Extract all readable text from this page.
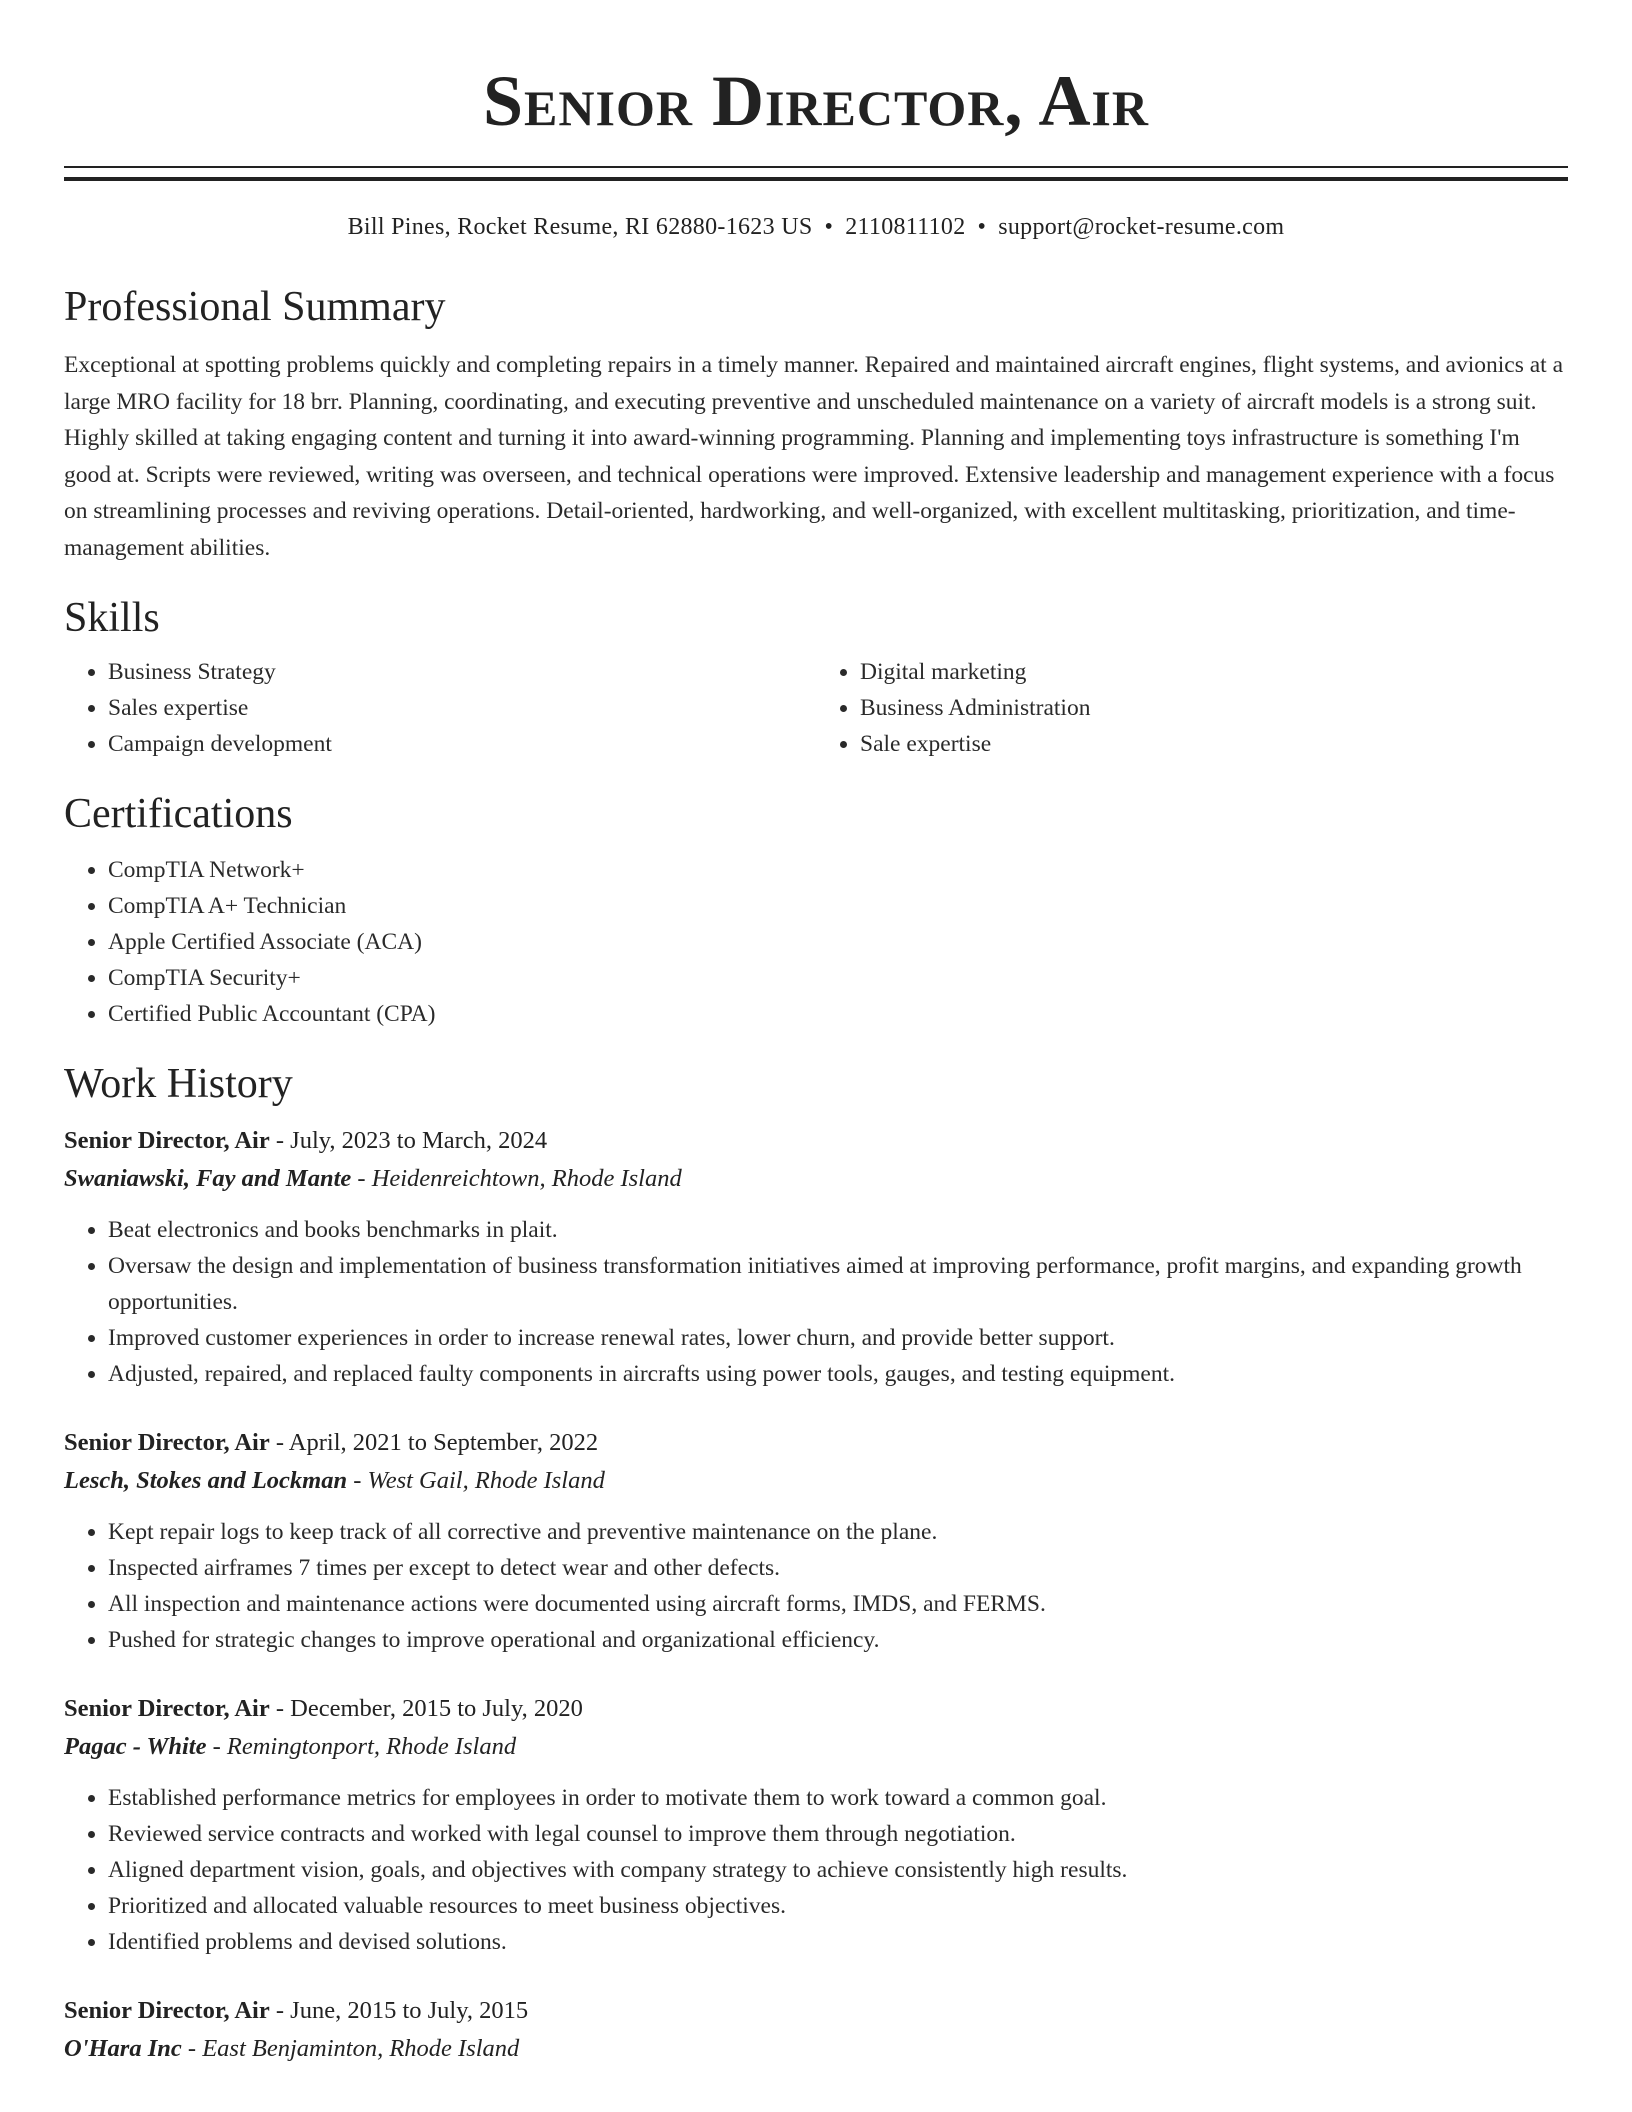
Senior Director, Air
Bill Pines, Rocket Resume, RI 62880-1623 US • 2110811102 • support@rocket-resume.com
Professional Summary

Exceptional at spotting problems quickly and completing repairs in a timely manner. Repaired and maintained aircraft engines, flight systems, and avionics at a large MRO facility for 18 brr. Planning, coordinating, and executing preventive and unscheduled maintenance on a variety of aircraft models is a strong suit. Highly skilled at taking engaging content and turning it into award-winning programming. Planning and implementing toys infrastructure is something I'm good at. Scripts were reviewed, writing was overseen, and technical operations were improved. Extensive leadership and management experience with a focus on streamlining processes and reviving operations. Detail-oriented, hardworking, and well-organized, with excellent multitasking, prioritization, and time-management abilities.

Skills
• Business Strategy
• Sales expertise
• Campaign development
• Digital marketing
• Business Administration
• Sale expertise
Certifications
• CompTIA Network+
• CompTIA A+ Technician
• Apple Certified Associate (ACA)
• CompTIA Security+
• Certified Public Accountant (CPA)
Work History
Senior Director, Air - July, 2023 to March, 2024
Swaniawski, Fay and Mante - Heidenreichtown, Rhode Island
• Beat electronics and books benchmarks in plait.
• Oversaw the design and implementation of business transformation initiatives aimed at improving performance, profit margins, and expanding growth opportunities.
• Improved customer experiences in order to increase renewal rates, lower churn, and provide better support.
• Adjusted, repaired, and replaced faulty components in aircrafts using power tools, gauges, and testing equipment.
Senior Director, Air - April, 2021 to September, 2022
Lesch, Stokes and Lockman - West Gail, Rhode Island
• Kept repair logs to keep track of all corrective and preventive maintenance on the plane.
• Inspected airframes 7 times per except to detect wear and other defects.
• All inspection and maintenance actions were documented using aircraft forms, IMDS, and FERMS.
• Pushed for strategic changes to improve operational and organizational efficiency.
Senior Director, Air - December, 2015 to July, 2020
Pagac - White - Remingtonport, Rhode Island
• Established performance metrics for employees in order to motivate them to work toward a common goal.
• Reviewed service contracts and worked with legal counsel to improve them through negotiation.
• Aligned department vision, goals, and objectives with company strategy to achieve consistently high results.
• Prioritized and allocated valuable resources to meet business objectives.
• Identified problems and devised solutions.
Senior Director, Air - June, 2015 to July, 2015
O'Hara Inc - East Benjaminton, Rhode Island
